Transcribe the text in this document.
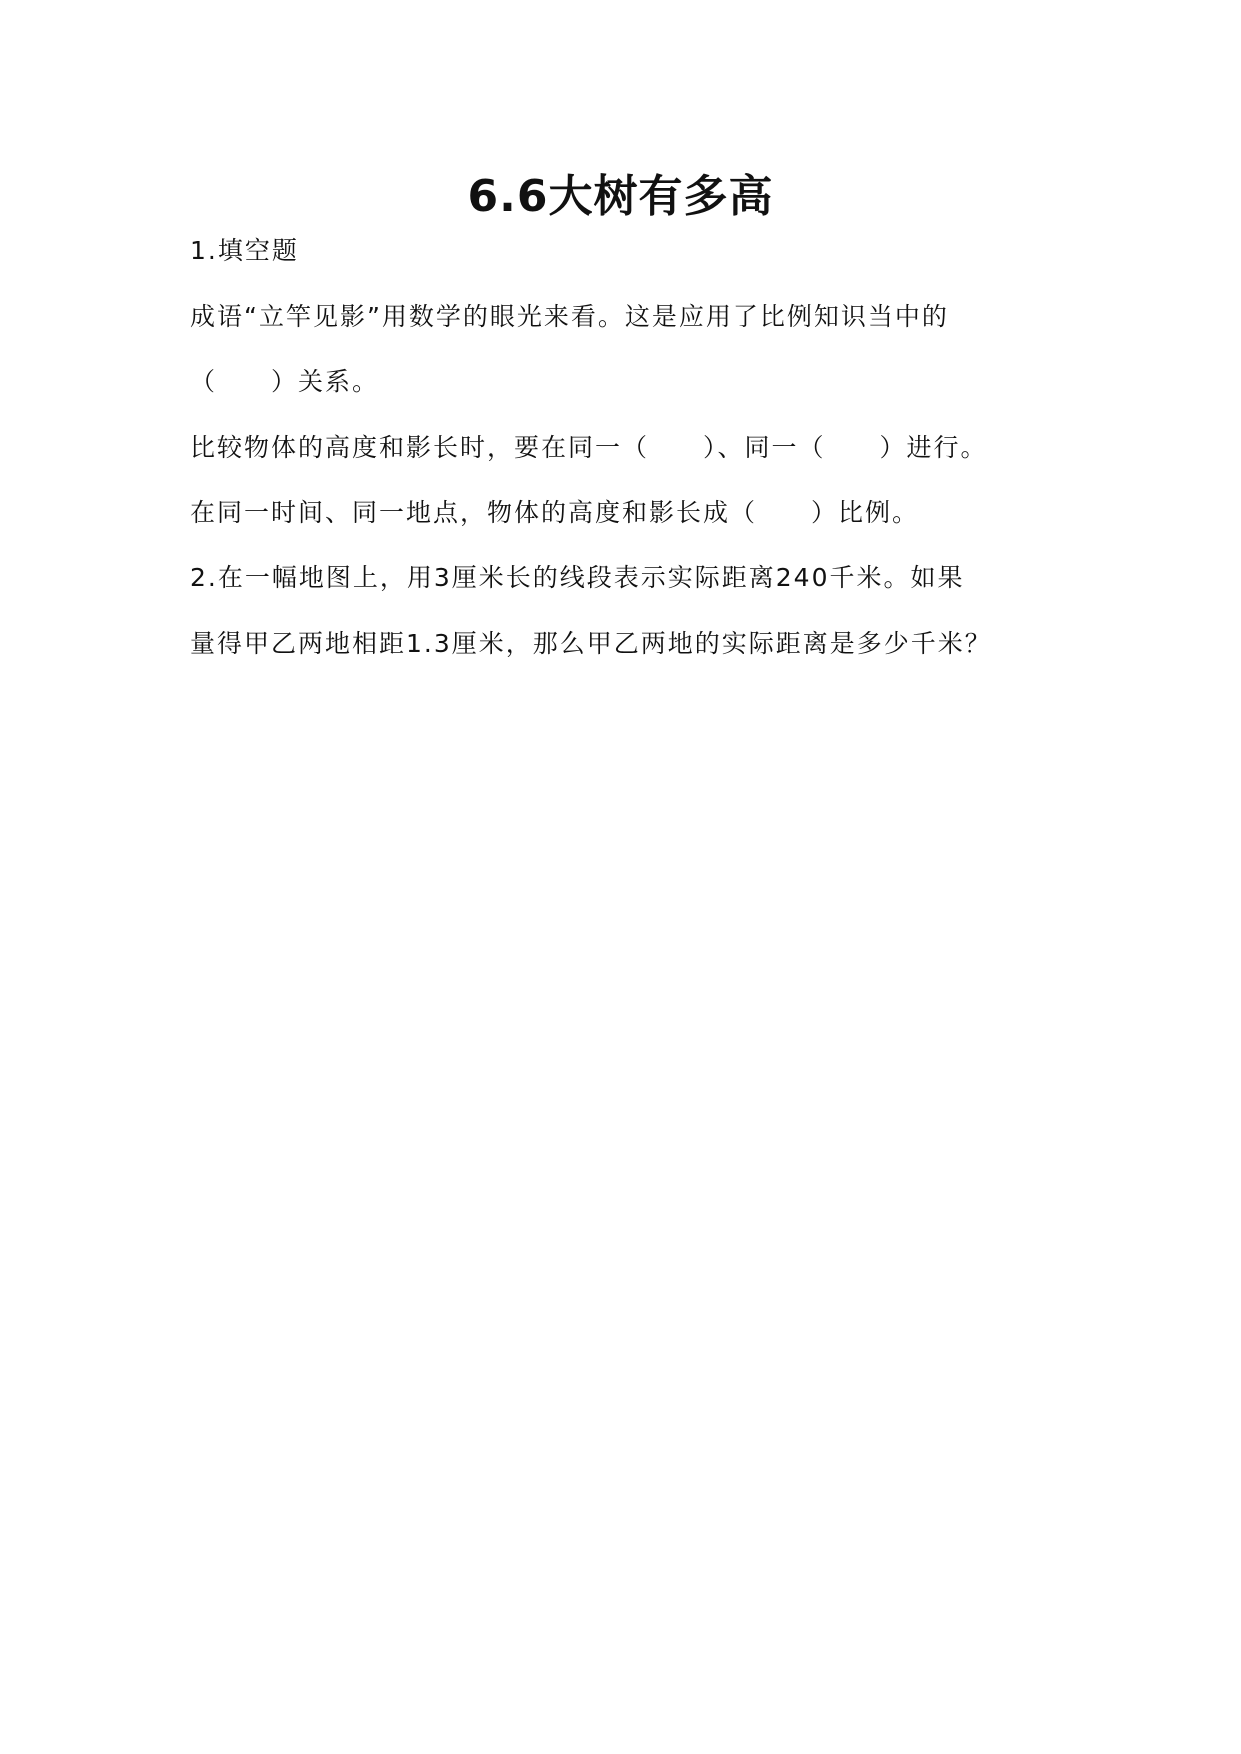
6.6大树有多高
1.填空题
成语“立竿见影”用数学的眼光来看。这是应用了比例知识当中的
（　　）关系。
比较物体的高度和影长时，要在同一（　　）、同一（　　）进行。
在同一时间、同一地点，物体的高度和影长成（　　）比例。
2.在一幅地图上，用3厘米长的线段表示实际距离240千米。如果
量得甲乙两地相距1.3厘米，那么甲乙两地的实际距离是多少千米？
